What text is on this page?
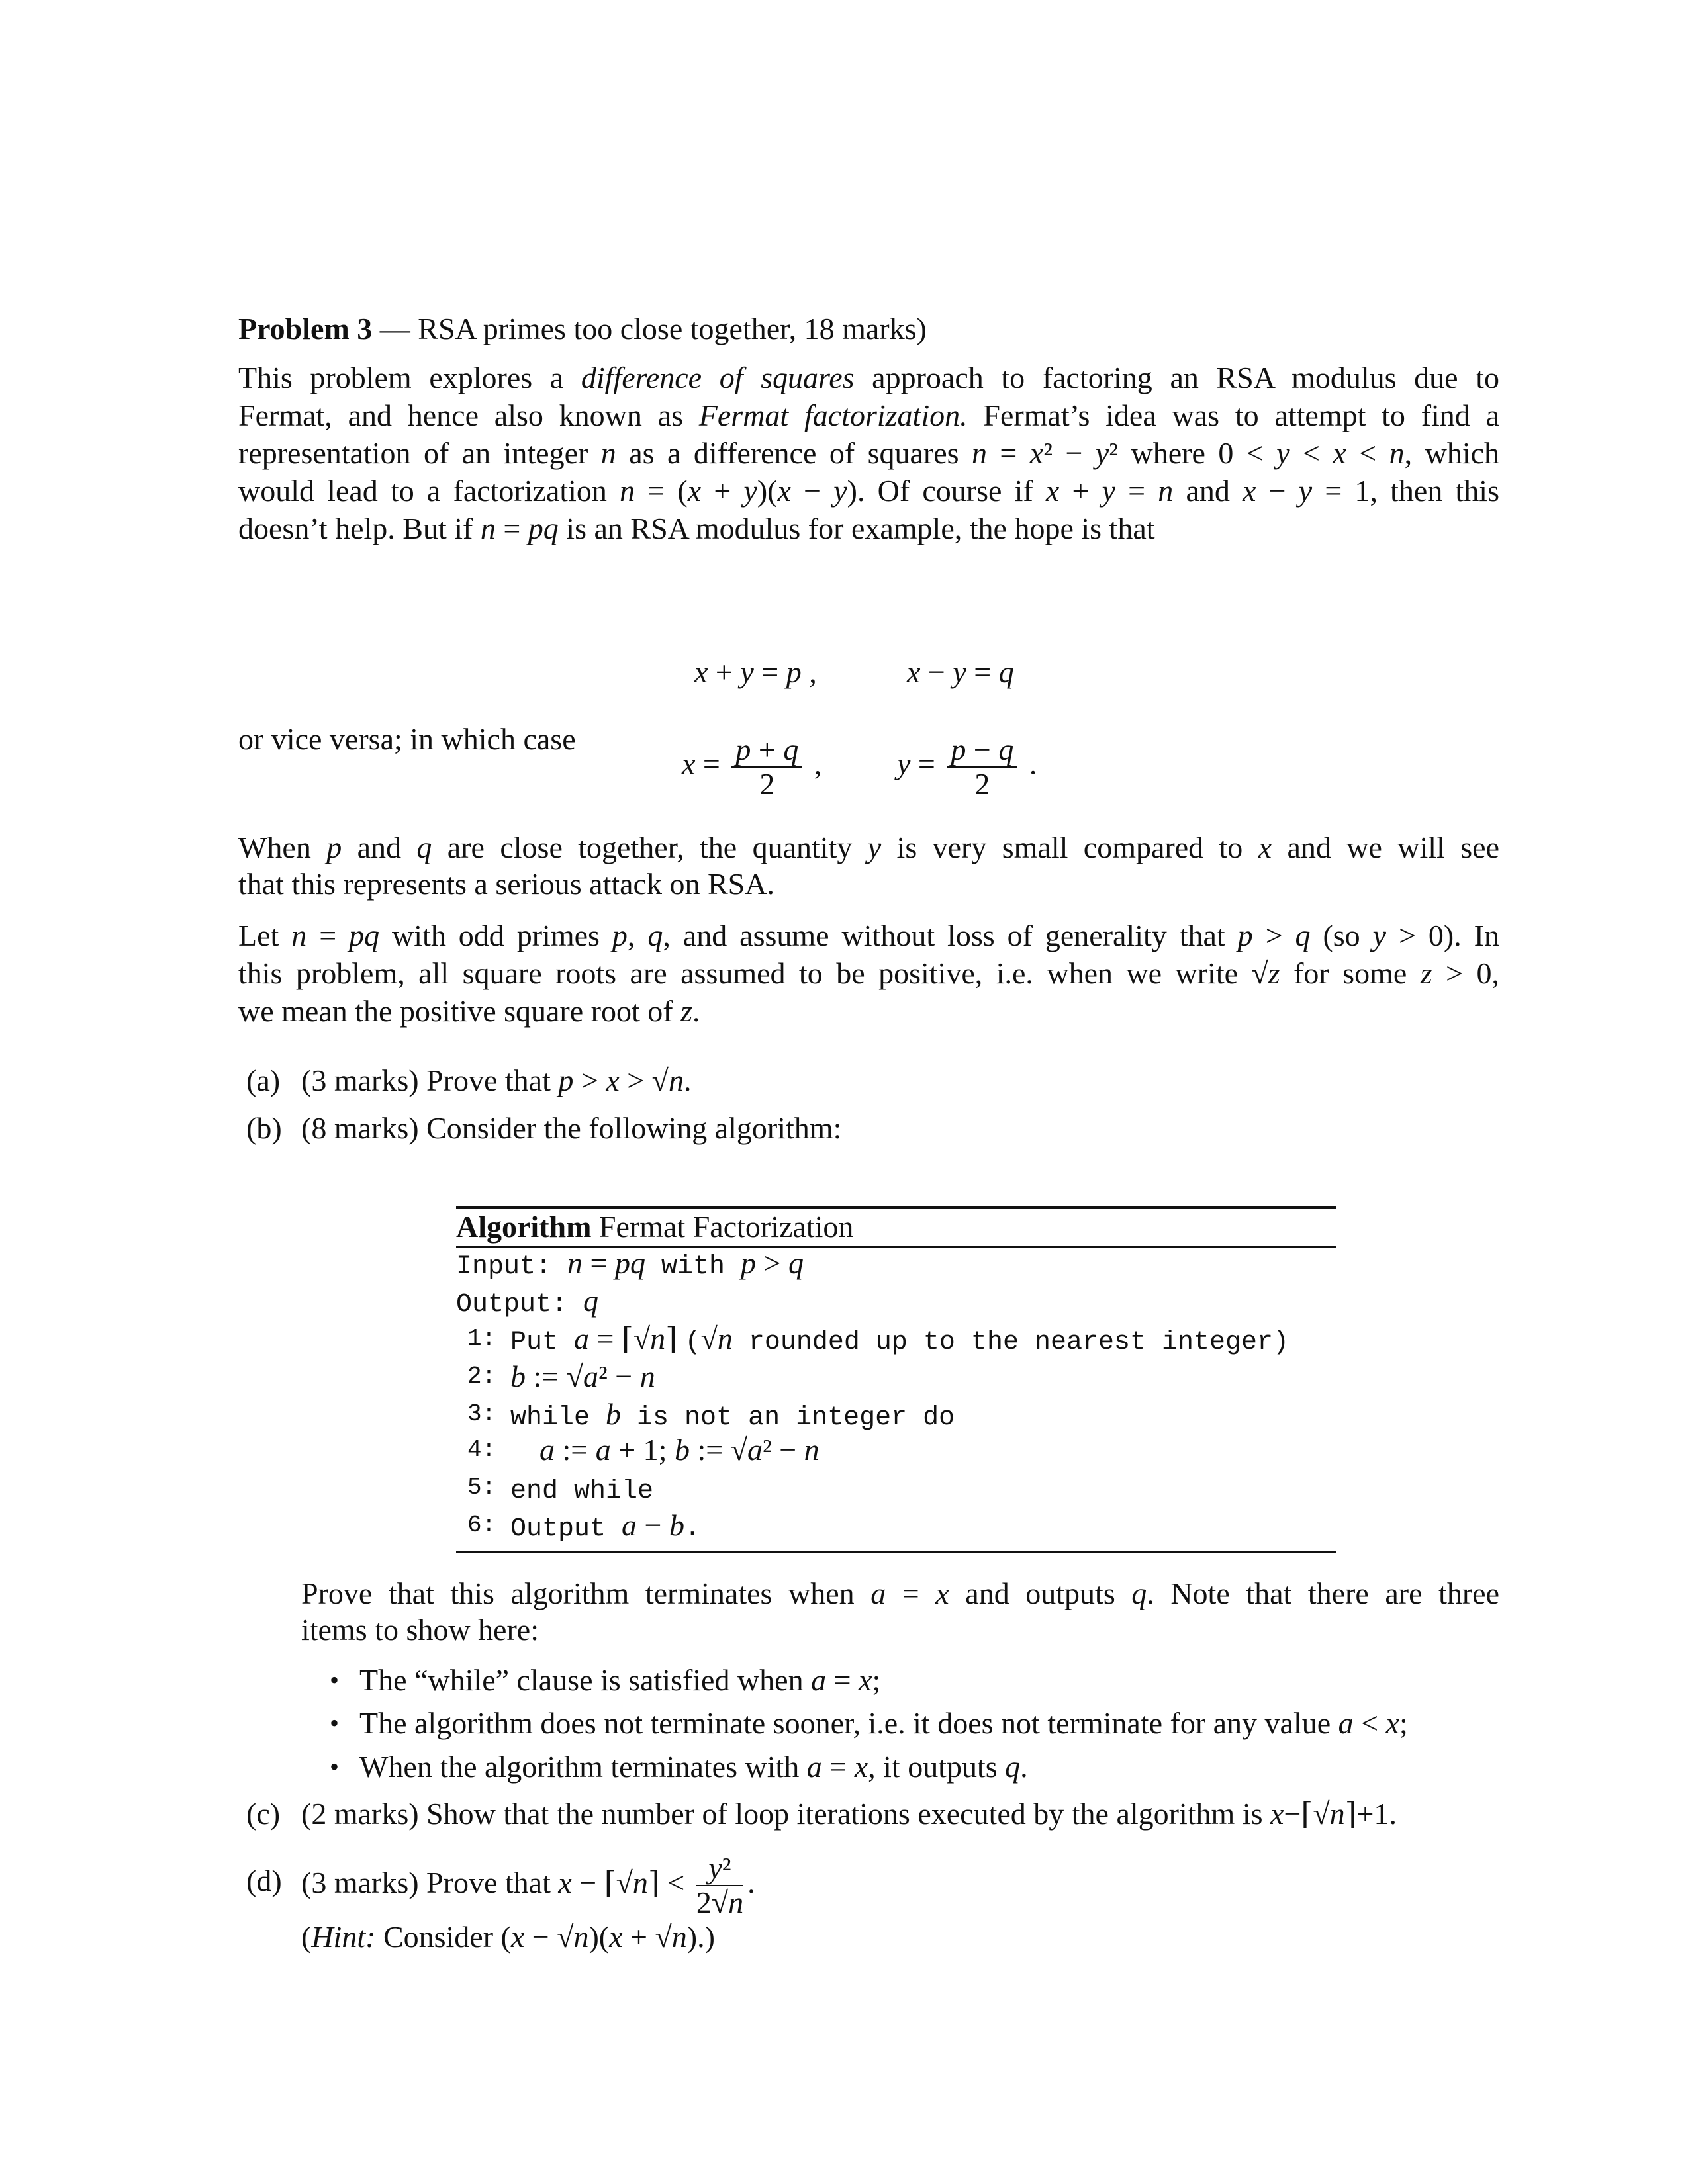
Problem 3 — RSA primes too close together, 18 marks)
This problem explores a difference of squares approach to factoring an RSA modulus due to
Fermat, and hence also known as Fermat factorization. Fermat’s idea was to attempt to find a
representation of an integer n as a difference of squares n = x² − y² where 0 < y < x < n, which
would lead to a factorization n = (x + y)(x − y). Of course if x + y = n and x − y = 1, then this
doesn’t help. But if n = pq is an RSA modulus for example, the hope is that
x + y = p ,	x − y = q
or vice versa; in which case
$x = \frac{p + q}{2}$ , $y = \frac{p - q}{2}$ .
When p and q are close together, the quantity y is very small compared to x and we will see
that this represents a serious attack on RSA.
Let n = pq with odd primes p, q, and assume without loss of generality that p > q (so y > 0). In
this problem, all square roots are assumed to be positive, i.e. when we write √z for some z > 0,
we mean the positive square root of z.
(a) (3 marks) Prove that p > x > √n.
(b) (8 marks) Consider the following algorithm:
Algorithm Fermat Factorization
Input: n = pq with p > q
Output: q
1: Put a = ⌈√n⌉ (√n rounded up to the nearest integer)
2: b := √a² − n
3: while b is not an integer do
4: a := a + 1; b := √a² − n
5: end while
6: Output a − b.
Prove that this algorithm terminates when a = x and outputs q. Note that there are three
items to show here:
• The “while” clause is satisfied when a = x;
• The algorithm does not terminate sooner, i.e. it does not terminate for any value a < x;
• When the algorithm terminates with a = x, it outputs q.
(c) (2 marks) Show that the number of loop iterations executed by the algorithm is x−⌈√n⌉+1.
(d) (3 marks) Prove that x − ⌈√n⌉ < $\frac{\text{y²}}{2√n}$ .
(Hint: Consider (x − √n)(x + √n).)
